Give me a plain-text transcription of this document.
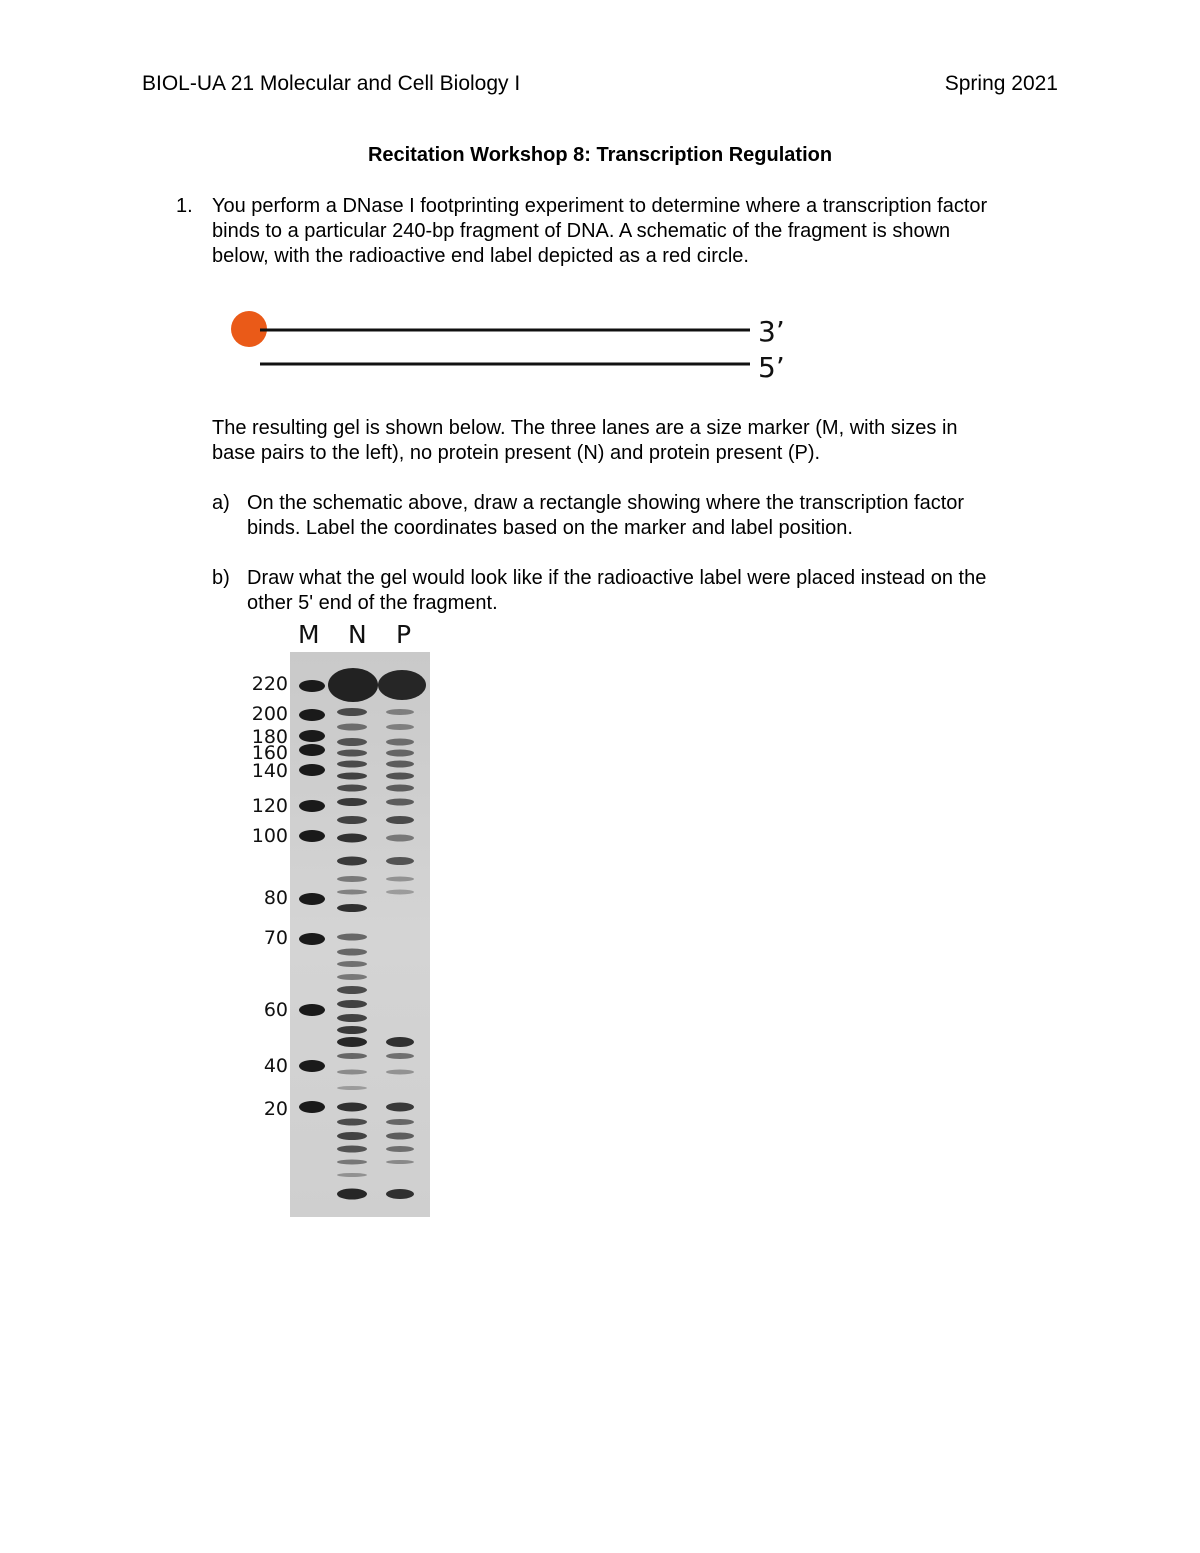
BIOL-UA 21 Molecular and Cell Biology I	Spring 2021
Recitation Workshop 8: Transcription Regulation
1. You perform a DNase I footprinting experiment to determine where a transcription factor
binds to a particular 240-bp fragment of DNA. A schematic of the fragment is shown
below, with the radioactive end label depicted as a red circle.
3’
5’
The resulting gel is shown below. The three lanes are a size marker (M, with sizes in
base pairs to the left), no protein present (N) and protein present (P).
a) On the schematic above, draw a rectangle showing where the transcription factor
binds. Label the coordinates based on the marker and label position.
b) Draw what the gel would look like if the radioactive label were placed instead on the
other 5' end of the fragment.
M N P
220
200
180
160
140
120
100
80
70
60
40
20
